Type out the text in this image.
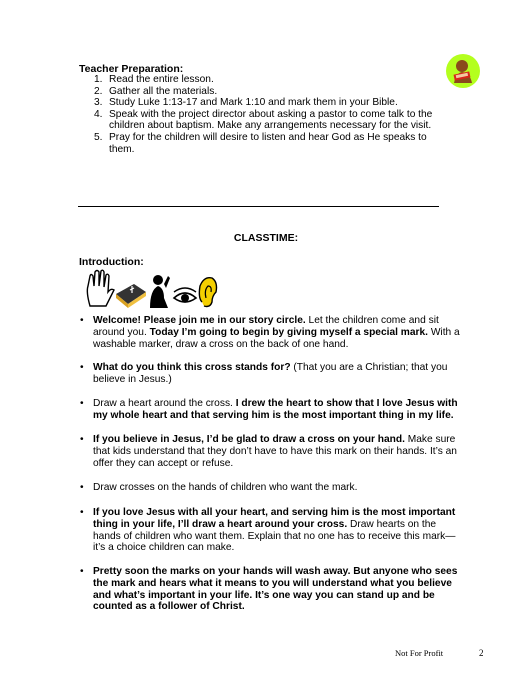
Teacher Preparation:
1. Read the entire lesson.
2. Gather all the materials.
3. Study Luke 1:13-17 and Mark 1:10 and mark them in your Bible.
4. Speak with the project director about asking a pastor to come talk to the children about baptism. Make any arrangements necessary for the visit.
5. Pray for the children will desire to listen and hear God as He speaks to them.
CLASSTIME:
Introduction:
• Welcome! Please join me in our story circle. Let the children come and sit around you. Today I’m going to begin by giving myself a special mark. With a washable marker, draw a cross on the back of one hand.
• What do you think this cross stands for? (That you are a Christian; that you believe in Jesus.)
• Draw a heart around the cross. I drew the heart to show that I love Jesus with my whole heart and that serving him is the most important thing in my life.
• If you believe in Jesus, I’d be glad to draw a cross on your hand. Make sure that kids understand that they don’t have to have this mark on their hands. It’s an offer they can accept or refuse.
• Draw crosses on the hands of children who want the mark.
• If you love Jesus with all your heart, and serving him is the most important thing in your life, I’ll draw a heart around your cross. Draw hearts on the hands of children who want them. Explain that no one has to receive this mark—it’s a choice children can make.
• Pretty soon the marks on your hands will wash away. But anyone who sees the mark and hears what it means to you will understand what you believe and what’s important in your life. It’s one way you can stand up and be counted as a follower of Christ.
Not For Profit	2
